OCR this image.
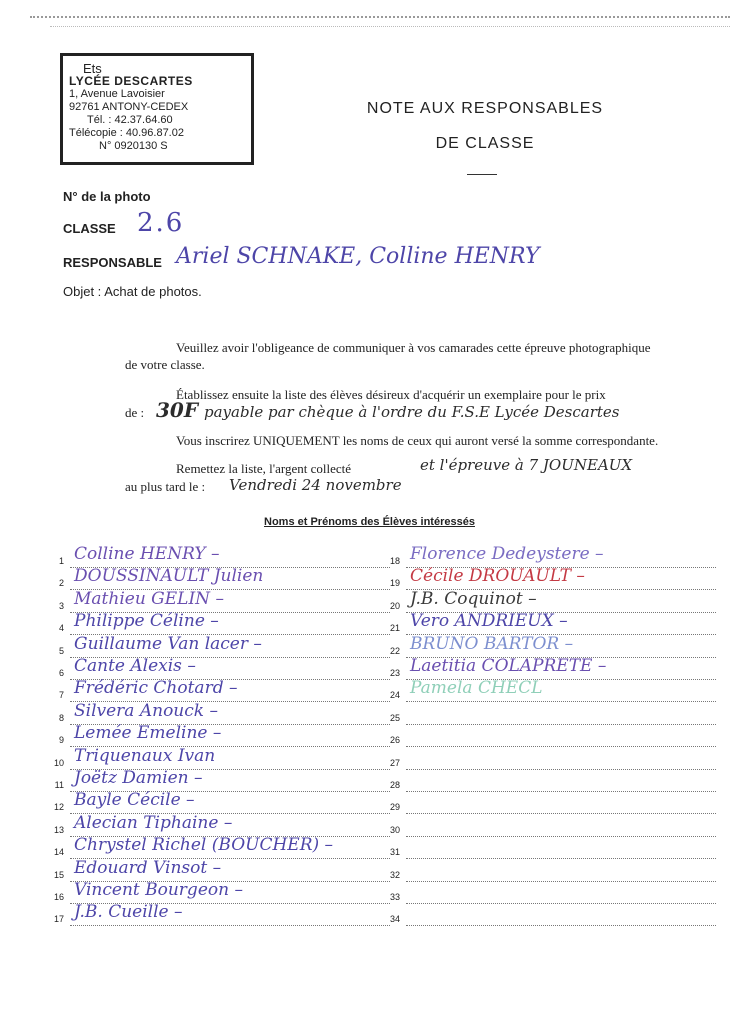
Ets
LYCÉE DESCARTES
1, Avenue Lavoisier
92761 ANTONY-CEDEX
Tél. : 42.37.64.60
Télécopie : 40.96.87.02
N° 0920130 S
NOTE AUX RESPONSABLES
DE CLASSE
N° de la photo
CLASSE 2.6
RESPONSABLE Ariel SCHNAKE, Colline HENRY
Objet : Achat de photos.
Veuillez avoir l'obligeance de communiquer à vos camarades cette épreuve photographique
de votre classe.
Établissez ensuite la liste des élèves désireux d'acquérir un exemplaire pour le prix
de : 30F payable par chèque à l'ordre du F.S.E Lycée Descartes
Vous inscrirez UNIQUEMENT les noms de ceux qui auront versé la somme correspondante.
Remettez la liste, l'argent collecté	et l'épreuve à 7 JOUNEAUX
au plus tard le : Vendredi 24 novembre
Noms et Prénoms des Élèves intéressés
1 Colline HENRY –
2 DOUSSINAULT Julien
3 Mathieu GELIN –
4 Philippe Céline –
5 Guillaume Van lacer –
6 Cante Alexis –
7 Frédéric Chotard –
8 Silvera Anouck –
9 Lemée Emeline –
10 Triquenaux Ivan
11 Joëtz Damien –
12 Bayle Cécile –
13 Alecian Tiphaine –
14 Chrystel Richel (BOUCHER) –
15 Edouard Vinsot –
16 Vincent Bourgeon –
17 J.B. Cueille –
18 Florence Dedeystere –
19 Cécile DROUAULT –
20 J.B. Coquinot –
21 Vero ANDRIEUX –
22 BRUNO BARTOR –
23 Laetitia COLAPRETE –
24 Pamela CHECL
25
26
27
28
29
30
31
32
33
34
